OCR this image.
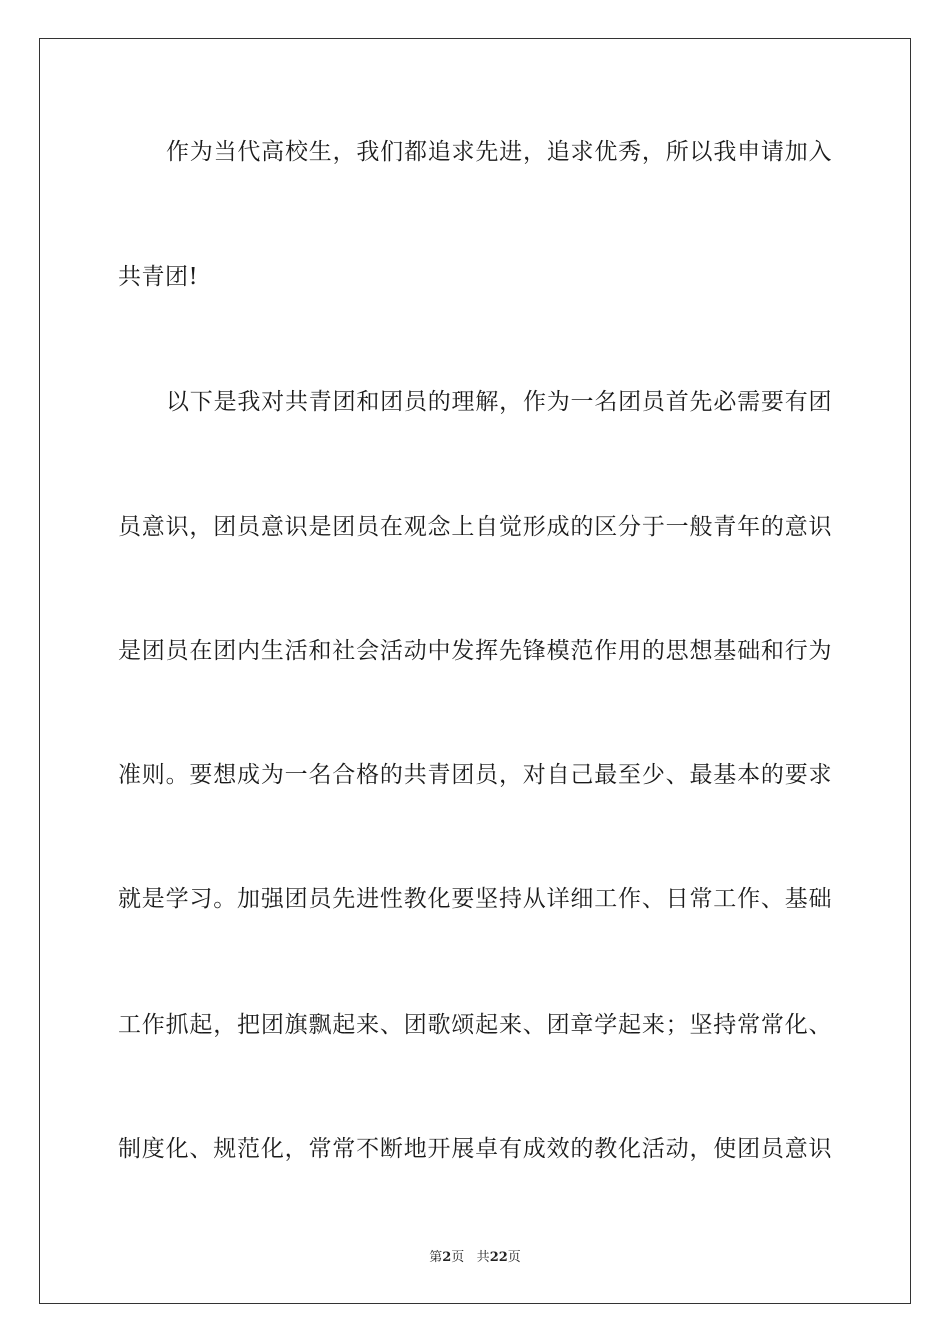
作为当代高校生，我们都追求先进，追求优秀，所以我申请加入
共青团!
以下是我对共青团和团员的理解，作为一名团员首先必需要有团
员意识，团员意识是团员在观念上自觉形成的区分于一般青年的意识
是团员在团内生活和社会活动中发挥先锋模范作用的思想基础和行为
准则。要想成为一名合格的共青团员，对自己最至少、最基本的要求
就是学习。加强团员先进性教化要坚持从详细工作、日常工作、基础
工作抓起，把团旗飘起来、团歌颂起来、团章学起来；坚持常常化、
制度化、规范化，常常不断地开展卓有成效的教化活动，使团员意识
第2页 共22页
